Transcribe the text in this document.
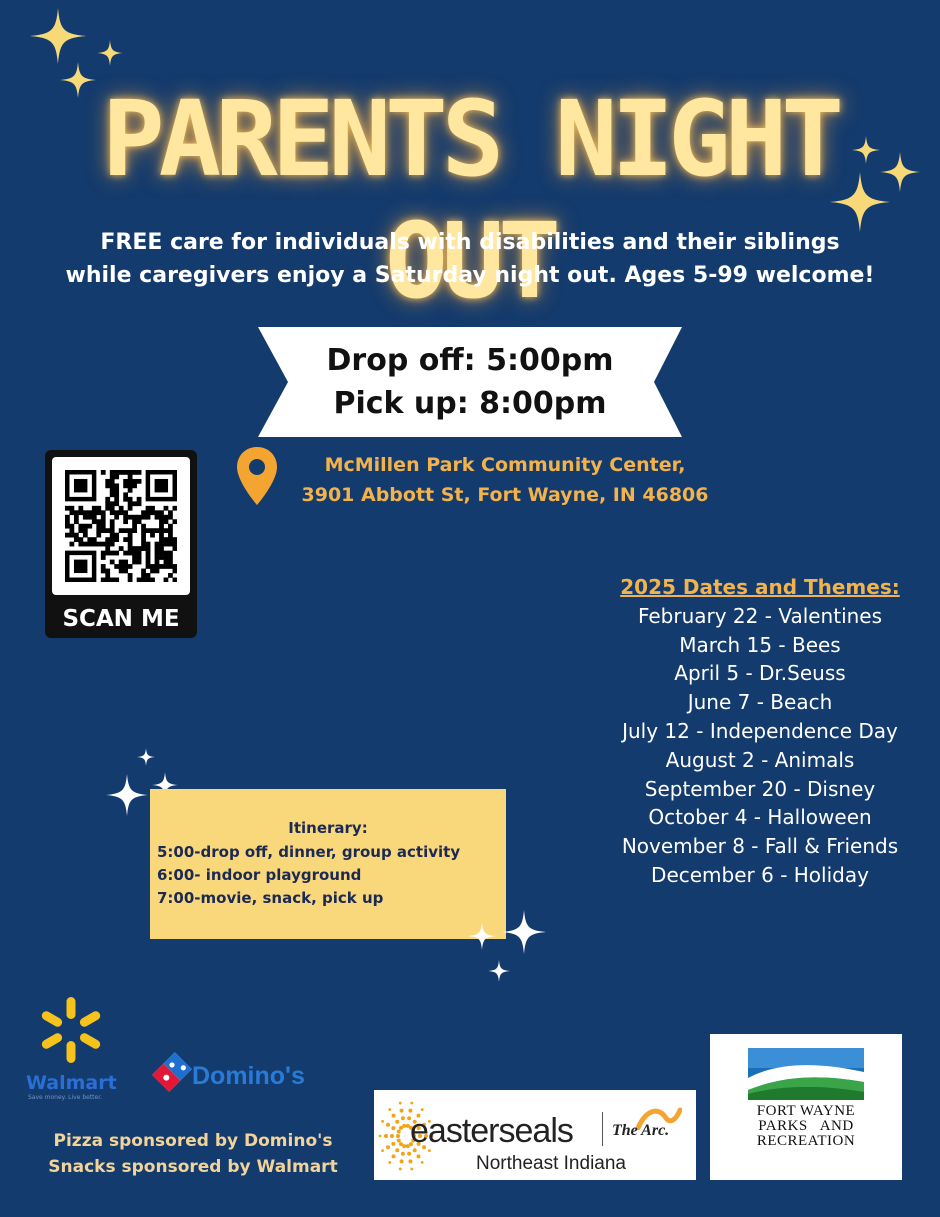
PARENTS NIGHT OUT
FREE care for individuals with disabilities and their siblings
while caregivers enjoy a Saturday night out. Ages 5-99 welcome!
Drop off: 5:00pm
Pick up: 8:00pm
McMillen Park Community Center,
3901 Abbott St, Fort Wayne, IN 46806
SCAN ME
2025 Dates and Themes:
February 22 - Valentines
March 15 - Bees
April 5 - Dr.Seuss
June 7 - Beach
July 12 - Independence Day
August 2 - Animals
September 20 - Disney
October 4 - Halloween
November 8 - Fall & Friends
December 6 - Holiday
Itinerary:
5:00-drop off, dinner, group activity
6:00- indoor playground
7:00-movie, snack, pick up
Walmart
Save money. Live better.
Domino's
Pizza sponsored by Domino's
Snacks sponsored by Walmart
easterseals The Arc.
Northeast Indiana
FORT WAYNE
PARKS   AND
RECREATION
